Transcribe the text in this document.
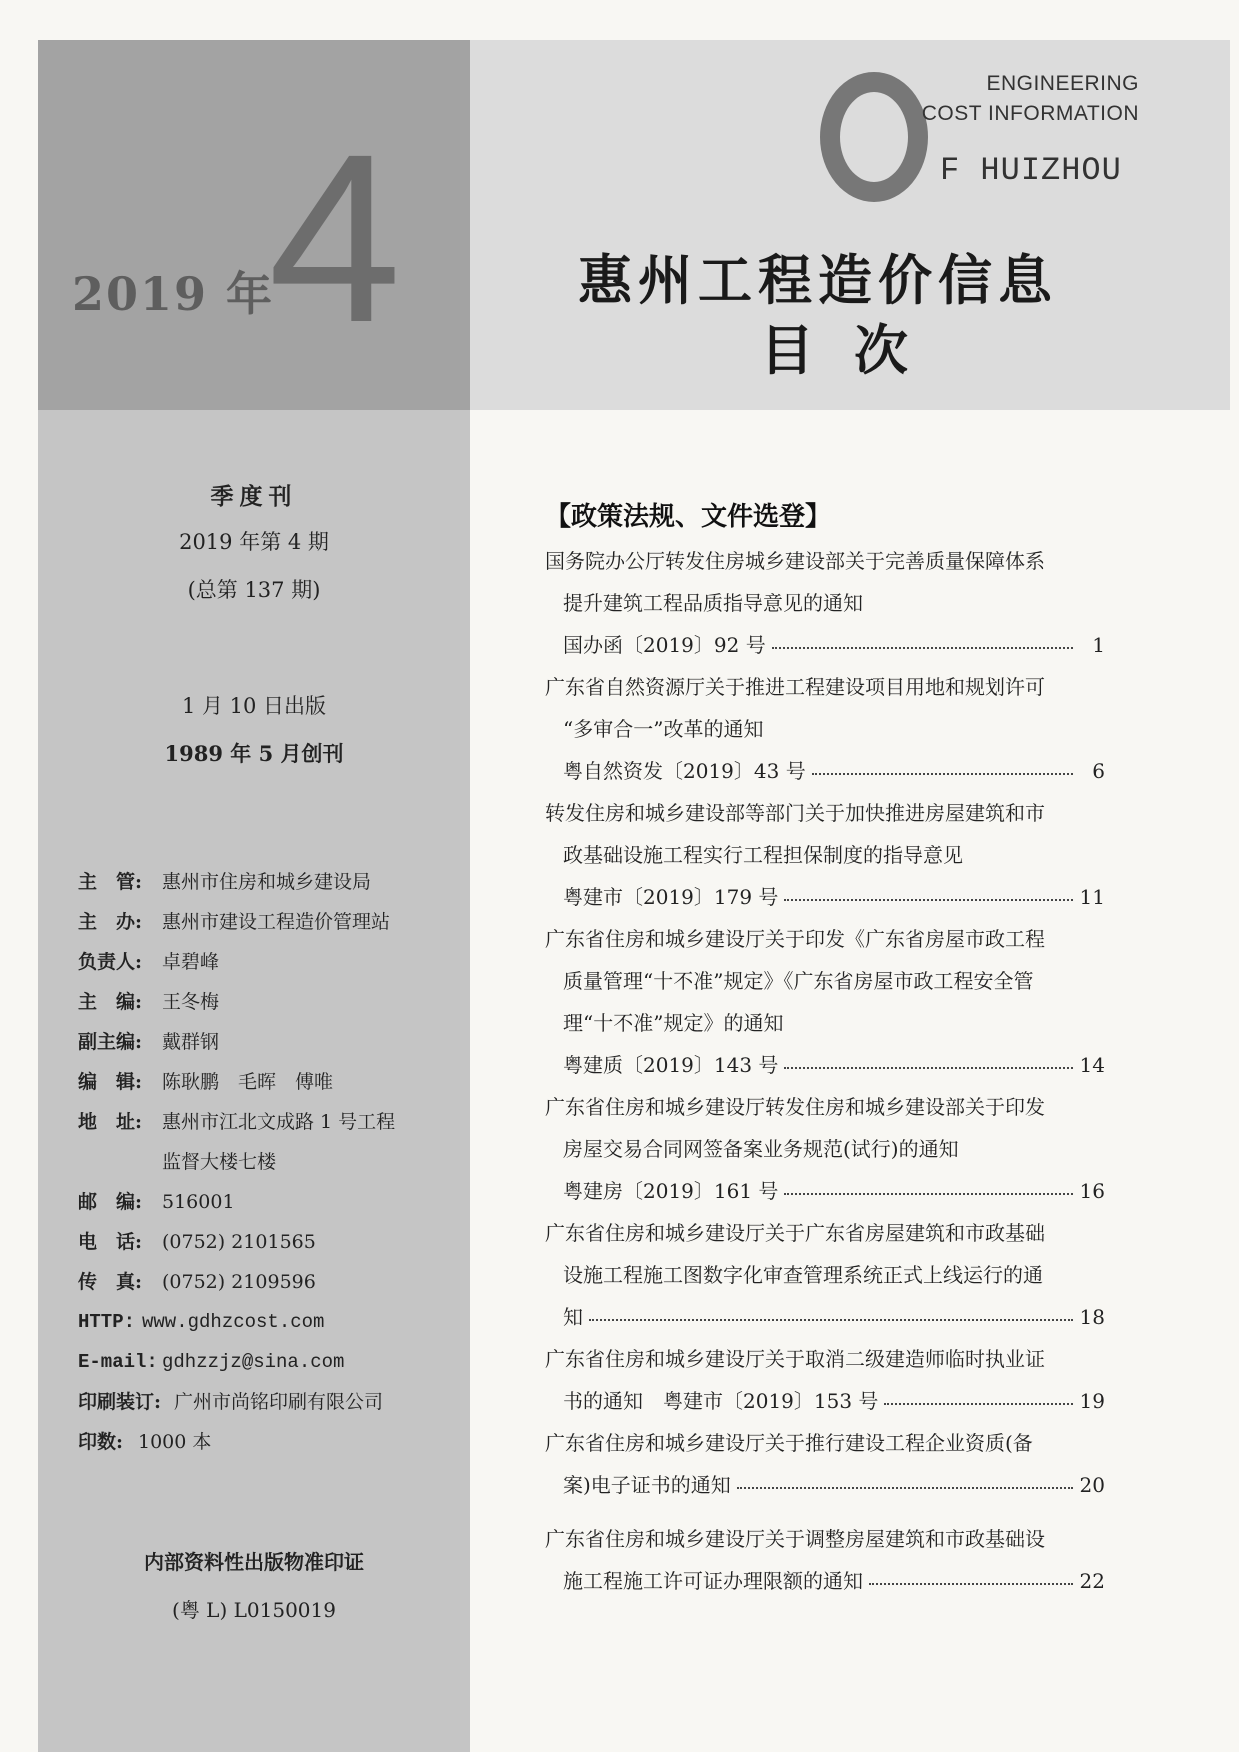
2019 年
4
ENGINEERING
COST INFORMATION
F HUIZHOU
惠州工程造价信息
目次
季度刊
2019 年第 4 期
(总第 137 期)
1 月 10 日出版
1989 年 5 月创刊
主　管:	惠州市住房和城乡建设局
主　办:	惠州市建设工程造价管理站
负责人:	卓碧峰
主　编:	王冬梅
副主编:	戴群钢
编　辑:	陈耿鹏　毛晖　傅唯
地　址:	惠州市江北文成路 1 号工程
监督大楼七楼
邮　编:	516001
电　话:	(0752) 2101565
传　真:	(0752) 2109596
HTTP: www.gdhzcost.com
E-mail: gdhzzjz@sina.com
印刷装订: 广州市尚铭印刷有限公司
印数: 1000 本
内部资料性出版物准印证
(粤 L) L0150019
【政策法规、文件选登】
国务院办公厅转发住房城乡建设部关于完善质量保障体系
提升建筑工程品质指导意见的通知
国办函〔2019〕92 号	1
广东省自然资源厅关于推进工程建设项目用地和规划许可
“多审合一”改革的通知
粤自然资发〔2019〕43 号	6
转发住房和城乡建设部等部门关于加快推进房屋建筑和市
政基础设施工程实行工程担保制度的指导意见
粤建市〔2019〕179 号	11
广东省住房和城乡建设厅关于印发《广东省房屋市政工程
质量管理“十不准”规定》《广东省房屋市政工程安全管
理“十不准”规定》的通知
粤建质〔2019〕143 号	14
广东省住房和城乡建设厅转发住房和城乡建设部关于印发
房屋交易合同网签备案业务规范(试行)的通知
粤建房〔2019〕161 号	16
广东省住房和城乡建设厅关于广东省房屋建筑和市政基础
设施工程施工图数字化审查管理系统正式上线运行的通
知	18
广东省住房和城乡建设厅关于取消二级建造师临时执业证
书的通知　粤建市〔2019〕153 号	19
广东省住房和城乡建设厅关于推行建设工程企业资质(备
案)电子证书的通知	20
广东省住房和城乡建设厅关于调整房屋建筑和市政基础设
施工程施工许可证办理限额的通知	22
